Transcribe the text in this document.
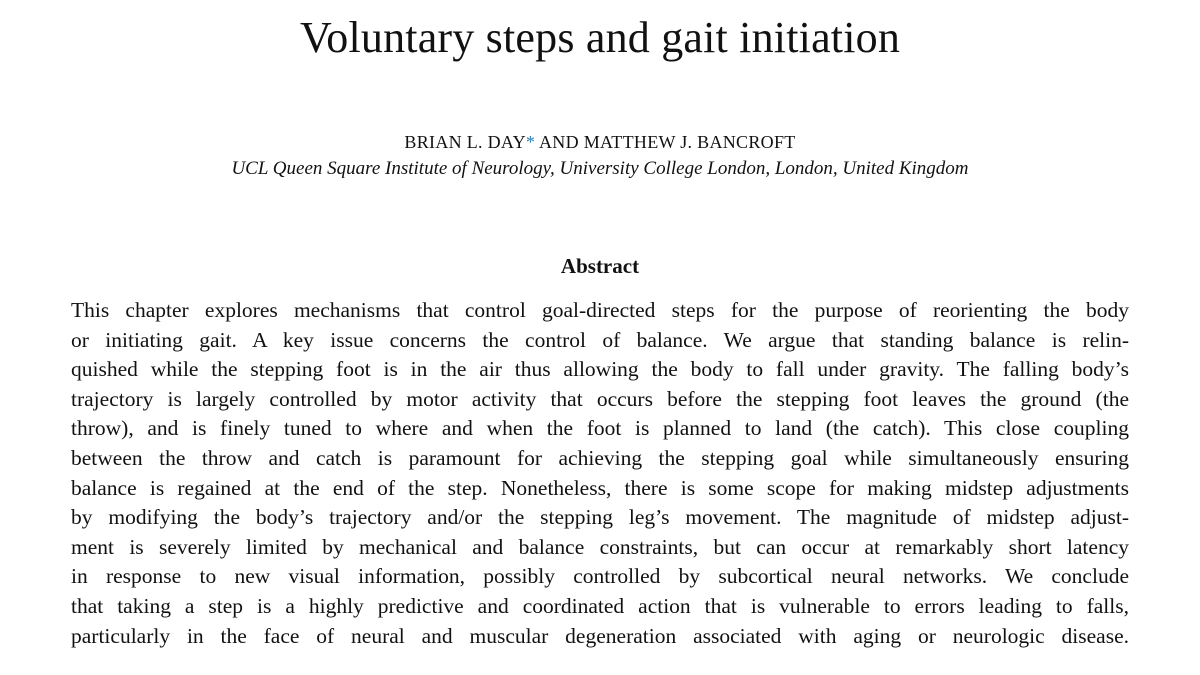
Voluntary steps and gait initiation
BRIAN L. DAY* AND MATTHEW J. BANCROFT
UCL Queen Square Institute of Neurology, University College London, London, United Kingdom
Abstract
This chapter explores mechanisms that control goal-directed steps for the purpose of reorienting the body
or initiating gait. A key issue concerns the control of balance. We argue that standing balance is relin-
quished while the stepping foot is in the air thus allowing the body to fall under gravity. The falling body’s
trajectory is largely controlled by motor activity that occurs before the stepping foot leaves the ground (the
throw), and is finely tuned to where and when the foot is planned to land (the catch). This close coupling
between the throw and catch is paramount for achieving the stepping goal while simultaneously ensuring
balance is regained at the end of the step. Nonetheless, there is some scope for making midstep adjustments
by modifying the body’s trajectory and/or the stepping leg’s movement. The magnitude of midstep adjust-
ment is severely limited by mechanical and balance constraints, but can occur at remarkably short latency
in response to new visual information, possibly controlled by subcortical neural networks. We conclude
that taking a step is a highly predictive and coordinated action that is vulnerable to errors leading to falls,
particularly in the face of neural and muscular degeneration associated with aging or neurologic disease.
